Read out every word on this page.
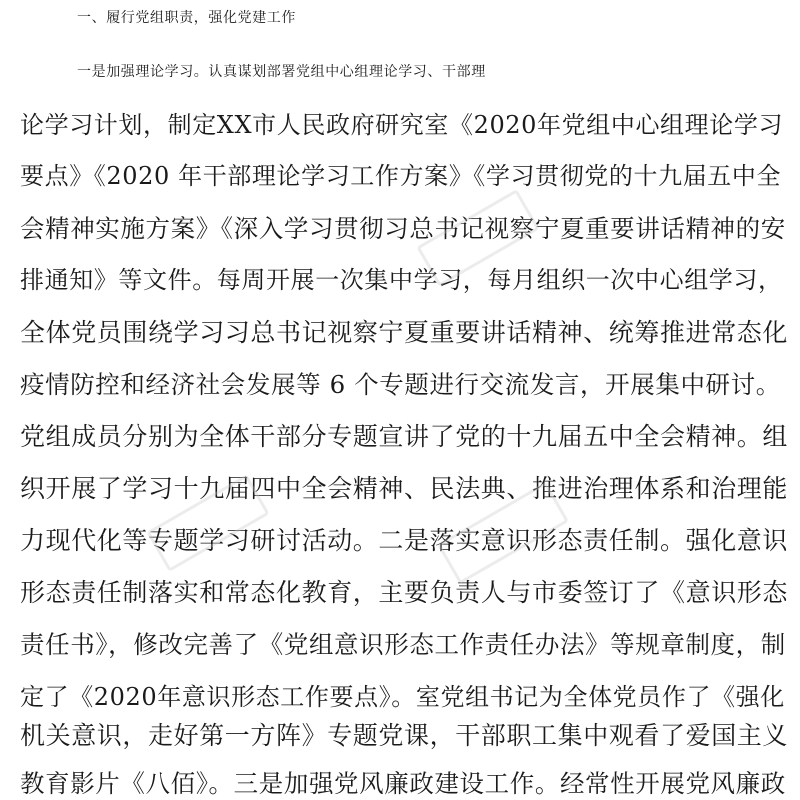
一、履行党组职责，强化党建工作
一是加强理论学习。认真谋划部署党组中心组理论学习、干部理
论学习计划，制定XX市人民政府研究室《2020年党组中心组理论学习
要点》《2020 年干部理论学习工作方案》《学习贯彻党的十九届五中全
会精神实施方案》《深入学习贯彻习总书记视察宁夏重要讲话精神的安
排通知》等文件。每周开展一次集中学习，每月组织一次中心组学习，
全体党员围绕学习习总书记视察宁夏重要讲话精神、统筹推进常态化
疫情防控和经济社会发展等 6 个专题进行交流发言，开展集中研讨。
党组成员分别为全体干部分专题宣讲了党的十九届五中全会精神。组
织开展了学习十九届四中全会精神、民法典、推进治理体系和治理能
力现代化等专题学习研讨活动。二是落实意识形态责任制。强化意识
形态责任制落实和常态化教育，主要负责人与市委签订了《意识形态
责任书》，修改完善了《党组意识形态工作责任办法》等规章制度，制
定了《2020年意识形态工作要点》。室党组书记为全体党员作了《强化
机关意识，走好第一方阵》专题党课，干部职工集中观看了爱国主义
教育影片《八佰》。三是加强党风廉政建设工作。经常性开展党风廉政
